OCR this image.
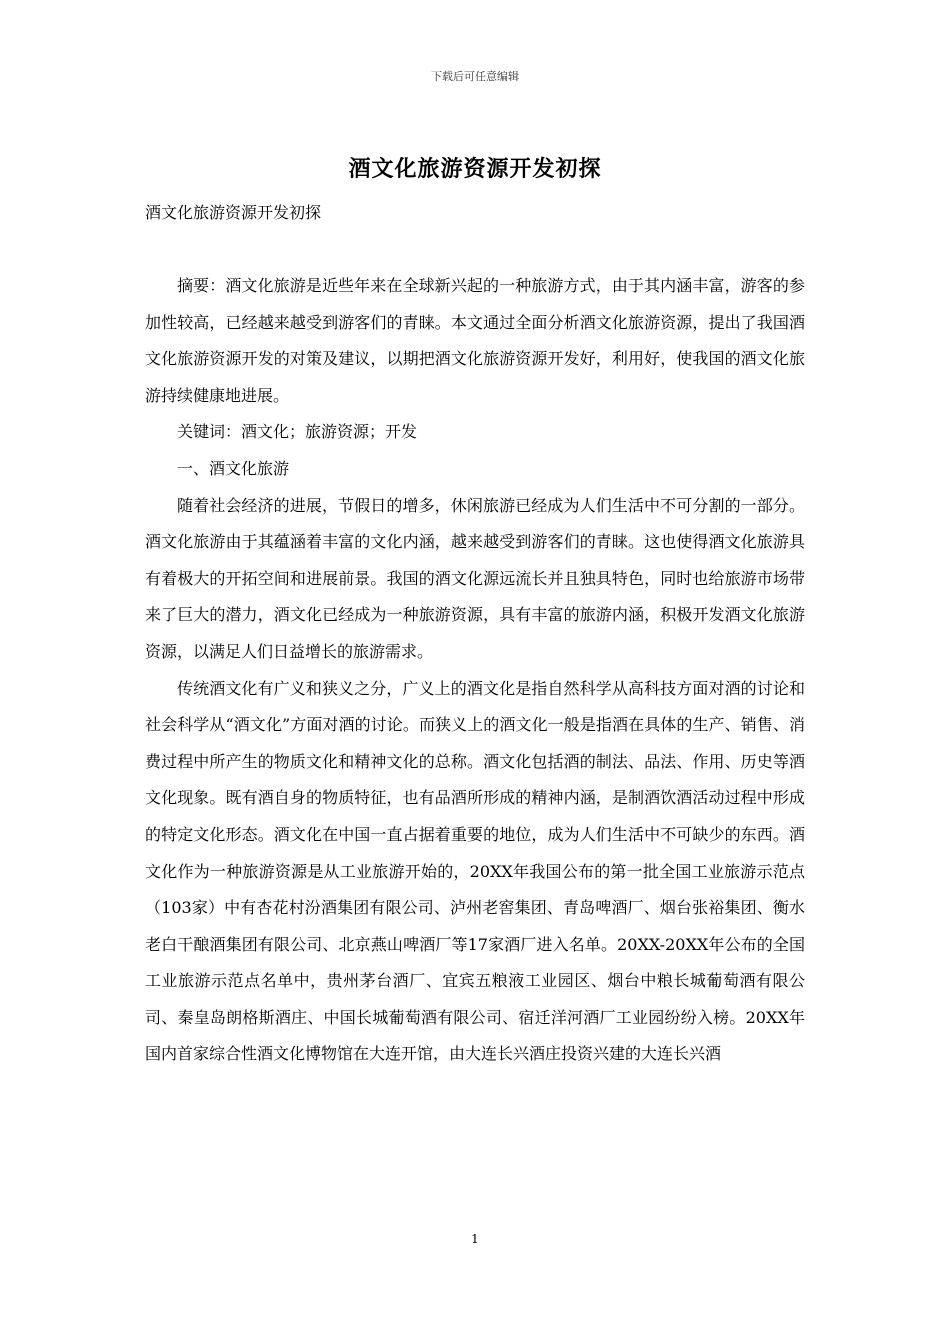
下载后可任意编辑
酒文化旅游资源开发初探
酒文化旅游资源开发初探

摘要：酒文化旅游是近些年来在全球新兴起的一种旅游方式，由于其内涵丰富，游客的参加性较高，已经越来越受到游客们的青睐。本文通过全面分析酒文化旅游资源，提出了我国酒文化旅游资源开发的对策及建议，以期把酒文化旅游资源开发好，利用好，使我国的酒文化旅游持续健康地进展。

关键词：酒文化；旅游资源；开发

一、酒文化旅游

随着社会经济的进展，节假日的增多，休闲旅游已经成为人们生活中不可分割的一部分。酒文化旅游由于其蕴涵着丰富的文化内涵，越来越受到游客们的青睐。这也使得酒文化旅游具有着极大的开拓空间和进展前景。我国的酒文化源远流长并且独具特色，同时也给旅游市场带来了巨大的潜力，酒文化已经成为一种旅游资源，具有丰富的旅游内涵，积极开发酒文化旅游资源，以满足人们日益增长的旅游需求。

传统酒文化有广义和狭义之分，广义上的酒文化是指自然科学从高科技方面对酒的讨论和社会科学从“酒文化”方面对酒的讨论。而狭义上的酒文化一般是指酒在具体的生产、销售、消费过程中所产生的物质文化和精神文化的总称。酒文化包括酒的制法、品法、作用、历史等酒文化现象。既有酒自身的物质特征，也有品酒所形成的精神内涵，是制酒饮酒活动过程中形成的特定文化形态。酒文化在中国一直占据着重要的地位，成为人们生活中不可缺少的东西。酒文化作为一种旅游资源是从工业旅游开始的，20XX年我国公布的第一批全国工业旅游示范点（103家）中有杏花村汾酒集团有限公司、泸州老窖集团、青岛啤酒厂、烟台张裕集团、衡水老白干酿酒集团有限公司、北京燕山啤酒厂等17家酒厂进入名单。20XX-20XX年公布的全国工业旅游示范点名单中，贵州茅台酒厂、宜宾五粮液工业园区、烟台中粮长城葡萄酒有限公司、秦皇岛朗格斯酒庄、中国长城葡萄酒有限公司、宿迁洋河酒厂工业园纷纷入榜。20XX年国内首家综合性酒文化博物馆在大连开馆，由大连长兴酒庄投资兴建的大连长兴酒

1
